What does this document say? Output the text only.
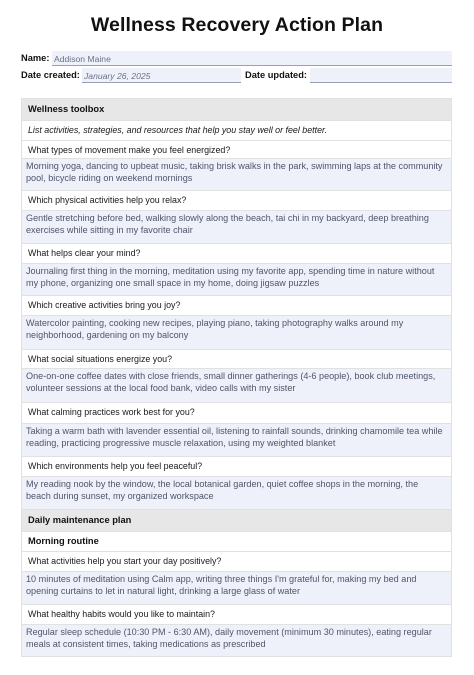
Wellness Recovery Action Plan
Name: Addison Maine
Date created: January 26, 2025	Date updated:
Wellness toolbox
List activities, strategies, and resources that help you stay well or feel better.
What types of movement make you feel energized?
Morning yoga, dancing to upbeat music, taking brisk walks in the park, swimming laps at the community pool, bicycle riding on weekend mornings
Which physical activities help you relax?
Gentle stretching before bed, walking slowly along the beach, tai chi in my backyard, deep breathing exercises while sitting in my favorite chair
What helps clear your mind?
Journaling first thing in the morning, meditation using my favorite app, spending time in nature without my phone, organizing one small space in my home, doing jigsaw puzzles
Which creative activities bring you joy?
Watercolor painting, cooking new recipes, playing piano, taking photography walks around my neighborhood, gardening on my balcony
What social situations energize you?
One-on-one coffee dates with close friends, small dinner gatherings (4-6 people), book club meetings, volunteer sessions at the local food bank, video calls with my sister
What calming practices work best for you?
Taking a warm bath with lavender essential oil, listening to rainfall sounds, drinking chamomile tea while reading, practicing progressive muscle relaxation, using my weighted blanket
Which environments help you feel peaceful?
My reading nook by the window, the local botanical garden, quiet coffee shops in the morning, the beach during sunset, my organized workspace
Daily maintenance plan
Morning routine
What activities help you start your day positively?
10 minutes of meditation using Calm app, writing three things I'm grateful for, making my bed and opening curtains to let in natural light, drinking a large glass of water
What healthy habits would you like to maintain?
Regular sleep schedule (10:30 PM - 6:30 AM), daily movement (minimum 30 minutes), eating regular meals at consistent times, taking medications as prescribed
